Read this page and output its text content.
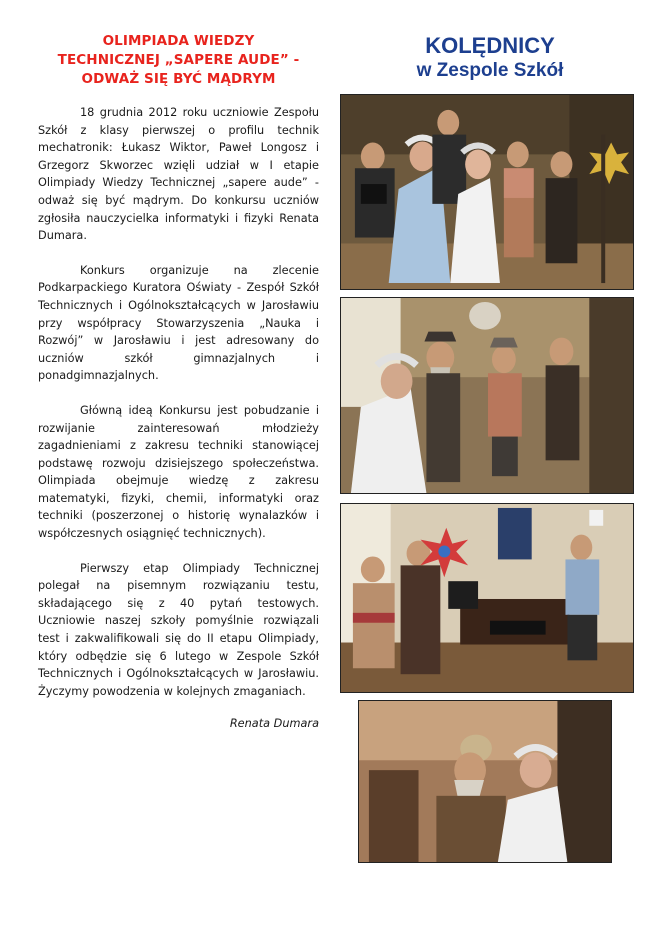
OLIMPIADA WIEDZY
TECHNICZNEJ „SAPERE AUDE” -
ODWAŻ SIĘ BYĆ MĄDRYM

18 grudnia 2012 roku uczniowie Zespołu Szkół z klasy pierwszej o profilu technik mechatronik: Łukasz Wiktor, Paweł Longosz i Grzegorz Skworzec wzięli udział w I etapie Olimpiady Wiedzy Technicznej „sapere aude” - odważ się być mądrym. Do konkursu uczniów zgłosiła nauczycielka informatyki i fizyki Renata Dumara.

Konkurs organizuje na zlecenie Podkarpackiego Kuratora Oświaty - Zespół Szkół Technicznych i Ogólnokształcących w Jarosławiu przy współpracy Stowarzyszenia „Nauka i Rozwój” w Jarosławiu i jest adresowany do uczniów szkół gimnazjalnych i ponadgimnazjalnych.

Główną ideą Konkursu jest pobudzanie i rozwijanie zainteresowań młodzieży zagadnieniami z zakresu techniki stanowiącej podstawę rozwoju dzisiejszego społeczeństwa. Olimpiada obejmuje wiedzę z zakresu matematyki, fizyki, chemii, informatyki oraz techniki (poszerzonej o historię wynalazków i współczesnych osiągnięć technicznych).

Pierwszy etap Olimpiady Technicznej polegał na pisemnym rozwiązaniu testu, składającego się z 40 pytań testowych. Uczniowie naszej szkoły pomyślnie rozwiązali test i zakwalifikowali się do II etapu Olimpiady, który odbędzie się 6 lutego w Zespole Szkół Technicznych i Ogólnokształcących w Jarosławiu. Życzymy powodzenia w kolejnych zmaganiach.

Renata Dumara
KOLĘDNICY
w Zespole Szkół
